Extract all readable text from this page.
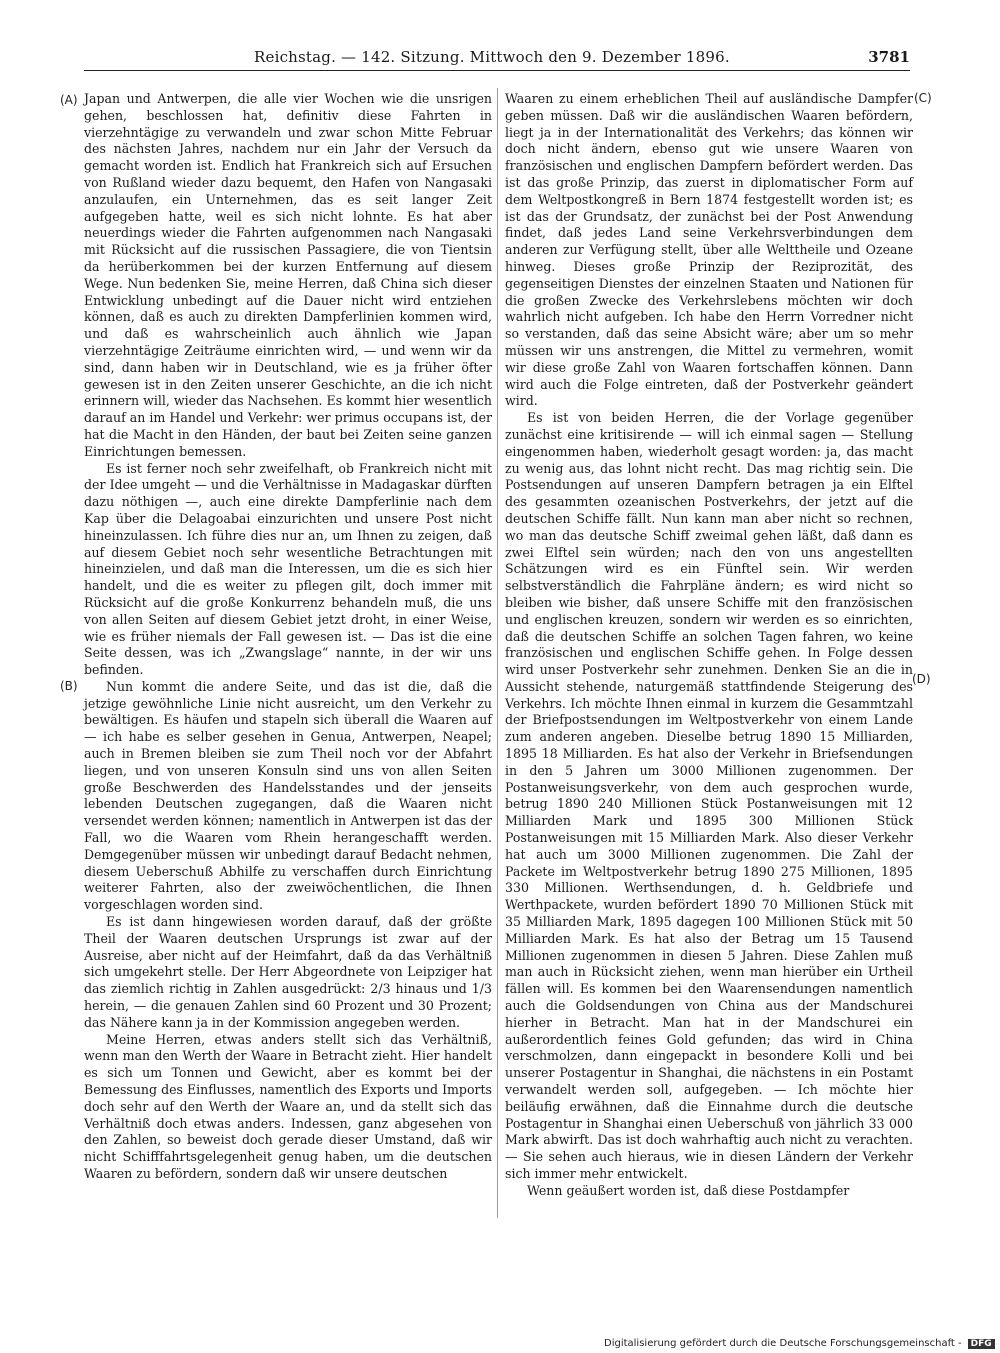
Reichstag. — 142. Sitzung. Mittwoch den 9. Dezember 1896.	3781
(A)
(B)
(C)
(D)

Japan und Antwerpen, die alle vier Wochen wie die unsrigen gehen, beschlossen hat, definitiv diese Fahrten in vierzehntägige zu verwandeln und zwar schon Mitte Februar des nächsten Jahres, nachdem nur ein Jahr der Versuch da gemacht worden ist. Endlich hat Frankreich sich auf Ersuchen von Rußland wieder dazu bequemt, den Hafen von Nangasaki anzulaufen, ein Unternehmen, das es seit langer Zeit aufgegeben hatte, weil es sich nicht lohnte. Es hat aber neuerdings wieder die Fahrten aufgenommen nach Nangasaki mit Rücksicht auf die russischen Passagiere, die von Tientsin da herüberkommen bei der kurzen Entfernung auf diesem Wege. Nun bedenken Sie, meine Herren, daß China sich dieser Entwicklung unbedingt auf die Dauer nicht wird entziehen können, daß es auch zu direkten Dampferlinien kommen wird, und daß es wahrscheinlich auch ähnlich wie Japan vierzehntägige Zeiträume einrichten wird, — und wenn wir da sind, dann haben wir in Deutschland, wie es ja früher öfter gewesen ist in den Zeiten unserer Geschichte, an die ich nicht erinnern will, wieder das Nachsehen. Es kommt hier wesentlich darauf an im Handel und Verkehr: wer primus occupans ist, der hat die Macht in den Händen, der baut bei Zeiten seine ganzen Einrichtungen bemessen.

Es ist ferner noch sehr zweifelhaft, ob Frankreich nicht mit der Idee umgeht — und die Verhältnisse in Madagaskar dürften dazu nöthigen —, auch eine direkte Dampferlinie nach dem Kap über die Delagoabai einzurichten und unsere Post nicht hineinzulassen. Ich führe dies nur an, um Ihnen zu zeigen, daß auf diesem Gebiet noch sehr wesentliche Betrachtungen mit hineinzielen, und daß man die Interessen, um die es sich hier handelt, und die es weiter zu pflegen gilt, doch immer mit Rücksicht auf die große Konkurrenz behandeln muß, die uns von allen Seiten auf diesem Gebiet jetzt droht, in einer Weise, wie es früher niemals der Fall gewesen ist. — Das ist die eine Seite dessen, was ich „Zwangslage“ nannte, in der wir uns befinden.

Nun kommt die andere Seite, und das ist die, daß die jetzige gewöhnliche Linie nicht ausreicht, um den Verkehr zu bewältigen. Es häufen und stapeln sich überall die Waaren auf — ich habe es selber gesehen in Genua, Antwerpen, Neapel; auch in Bremen bleiben sie zum Theil noch vor der Abfahrt liegen, und von unseren Konsuln sind uns von allen Seiten große Beschwerden des Handelsstandes und der jenseits lebenden Deutschen zugegangen, daß die Waaren nicht versendet werden können; namentlich in Antwerpen ist das der Fall, wo die Waaren vom Rhein herangeschafft werden. Demgegenüber müssen wir unbedingt darauf Bedacht nehmen, diesem Ueberschuß Abhilfe zu verschaffen durch Einrichtung weiterer Fahrten, also der zweiwöchentlichen, die Ihnen vorgeschlagen worden sind.

Es ist dann hingewiesen worden darauf, daß der größte Theil der Waaren deutschen Ursprungs ist zwar auf der Ausreise, aber nicht auf der Heimfahrt, daß da das Verhältniß sich umgekehrt stelle. Der Herr Abgeordnete von Leipziger hat das ziemlich richtig in Zahlen ausgedrückt: 2/3 hinaus und 1/3 herein, — die genauen Zahlen sind 60 Prozent und 30 Prozent; das Nähere kann ja in der Kommission angegeben werden.

Meine Herren, etwas anders stellt sich das Verhältniß, wenn man den Werth der Waare in Betracht zieht. Hier handelt es sich um Tonnen und Gewicht, aber es kommt bei der Bemessung des Einflusses, namentlich des Exports und Imports doch sehr auf den Werth der Waare an, und da stellt sich das Verhältniß doch etwas anders. Indessen, ganz abgesehen von den Zahlen, so beweist doch gerade dieser Umstand, daß wir nicht Schifffahrtsgelegenheit genug haben, um die deutschen Waaren zu befördern, sondern daß wir unsere deutschen

Waaren zu einem erheblichen Theil auf ausländische Dampfer geben müssen. Daß wir die ausländischen Waaren befördern, liegt ja in der Internationalität des Verkehrs; das können wir doch nicht ändern, ebenso gut wie unsere Waaren von französischen und englischen Dampfern befördert werden. Das ist das große Prinzip, das zuerst in diplomatischer Form auf dem Weltpostkongreß in Bern 1874 festgestellt worden ist; es ist das der Grundsatz, der zunächst bei der Post Anwendung findet, daß jedes Land seine Verkehrsverbindungen dem anderen zur Verfügung stellt, über alle Welttheile und Ozeane hinweg. Dieses große Prinzip der Reziprozität, des gegenseitigen Dienstes der einzelnen Staaten und Nationen für die großen Zwecke des Verkehrslebens möchten wir doch wahrlich nicht aufgeben. Ich habe den Herrn Vorredner nicht so verstanden, daß das seine Absicht wäre; aber um so mehr müssen wir uns anstrengen, die Mittel zu vermehren, womit wir diese große Zahl von Waaren fortschaffen können. Dann wird auch die Folge eintreten, daß der Postverkehr geändert wird.

Es ist von beiden Herren, die der Vorlage gegenüber zunächst eine kritisirende — will ich einmal sagen — Stellung eingenommen haben, wiederholt gesagt worden: ja, das macht zu wenig aus, das lohnt nicht recht. Das mag richtig sein. Die Postsendungen auf unseren Dampfern betragen ja ein Elftel des gesammten ozeanischen Postverkehrs, der jetzt auf die deutschen Schiffe fällt. Nun kann man aber nicht so rechnen, wo man das deutsche Schiff zweimal gehen läßt, daß dann es zwei Elftel sein würden; nach den von uns angestellten Schätzungen wird es ein Fünftel sein. Wir werden selbstverständlich die Fahrpläne ändern; es wird nicht so bleiben wie bisher, daß unsere Schiffe mit den französischen und englischen kreuzen, sondern wir werden es so einrichten, daß die deutschen Schiffe an solchen Tagen fahren, wo keine französischen und englischen Schiffe gehen. In Folge dessen wird unser Postverkehr sehr zunehmen. Denken Sie an die in Aussicht stehende, naturgemäß stattfindende Steigerung des Verkehrs. Ich möchte Ihnen einmal in kurzem die Gesammtzahl der Briefpostsendungen im Weltpostverkehr von einem Lande zum anderen angeben. Dieselbe betrug 1890 15 Milliarden, 1895 18 Milliarden. Es hat also der Verkehr in Briefsendungen in den 5 Jahren um 3000 Millionen zugenommen. Der Postanweisungsverkehr, von dem auch gesprochen wurde, betrug 1890 240 Millionen Stück Postanweisungen mit 12 Milliarden Mark und 1895 300 Millionen Stück Postanweisungen mit 15 Milliarden Mark. Also dieser Verkehr hat auch um 3000 Millionen zugenommen. Die Zahl der Packete im Weltpostverkehr betrug 1890 275 Millionen, 1895 330 Millionen. Werthsendungen, d. h. Geldbriefe und Werthpackete, wurden befördert 1890 70 Millionen Stück mit 35 Milliarden Mark, 1895 dagegen 100 Millionen Stück mit 50 Milliarden Mark. Es hat also der Betrag um 15 Tausend Millionen zugenommen in diesen 5 Jahren. Diese Zahlen muß man auch in Rücksicht ziehen, wenn man hierüber ein Urtheil fällen will. Es kommen bei den Waarensendungen namentlich auch die Goldsendungen von China aus der Mandschurei hierher in Betracht. Man hat in der Mandschurei ein außerordentlich feines Gold gefunden; das wird in China verschmolzen, dann eingepackt in besondere Kolli und bei unserer Postagentur in Shanghai, die nächstens in ein Postamt verwandelt werden soll, aufgegeben. — Ich möchte hier beiläufig erwähnen, daß die Einnahme durch die deutsche Postagentur in Shanghai einen Ueberschuß von jährlich 33 000 Mark abwirft. Das ist doch wahrhaftig auch nicht zu verachten. — Sie sehen auch hieraus, wie in diesen Ländern der Verkehr sich immer mehr entwickelt.

Wenn geäußert worden ist, daß diese Postdampfer

Digitalisierung gefördert durch die Deutsche Forschungsgemeinschaft - DFG
